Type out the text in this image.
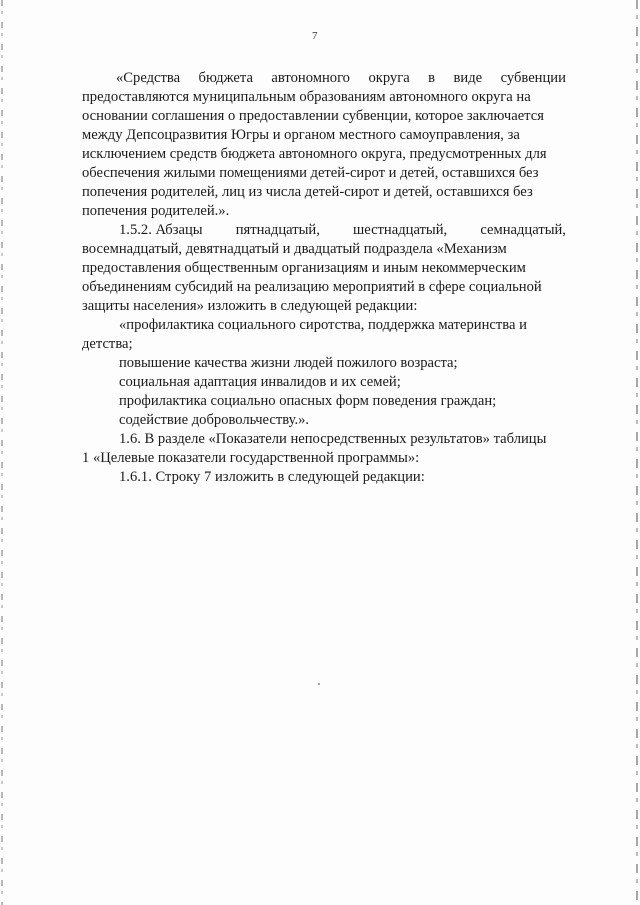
7
«Средства бюджета автономного округа в виде субвенции
предоставляются муниципальным образованиям автономного округа на
основании соглашения о предоставлении субвенции, которое заключается
между Депсоцразвития Югры и органом местного самоуправления, за
исключением средств бюджета автономного округа, предусмотренных для
обеспечения жилыми помещениями детей-сирот и детей, оставшихся без
попечения родителей, лиц из числа детей-сирот и детей, оставшихся без
попечения родителей.».
1.5.2. Абзацы пятнадцатый, шестнадцатый, семнадцатый,
восемнадцатый, девятнадцатый и двадцатый подраздела «Механизм
предоставления общественным организациям и иным некоммерческим
объединениям субсидий на реализацию мероприятий в сфере социальной
защиты населения» изложить в следующей редакции:
«профилактика социального сиротства, поддержка материнства и
детства;
повышение качества жизни людей пожилого возраста;
социальная адаптация инвалидов и их семей;
профилактика социально опасных форм поведения граждан;
содействие добровольчеству.».
1.6. В разделе «Показатели непосредственных результатов» таблицы
1 «Целевые показатели государственной программы»:
1.6.1. Строку 7 изложить в следующей редакции:
